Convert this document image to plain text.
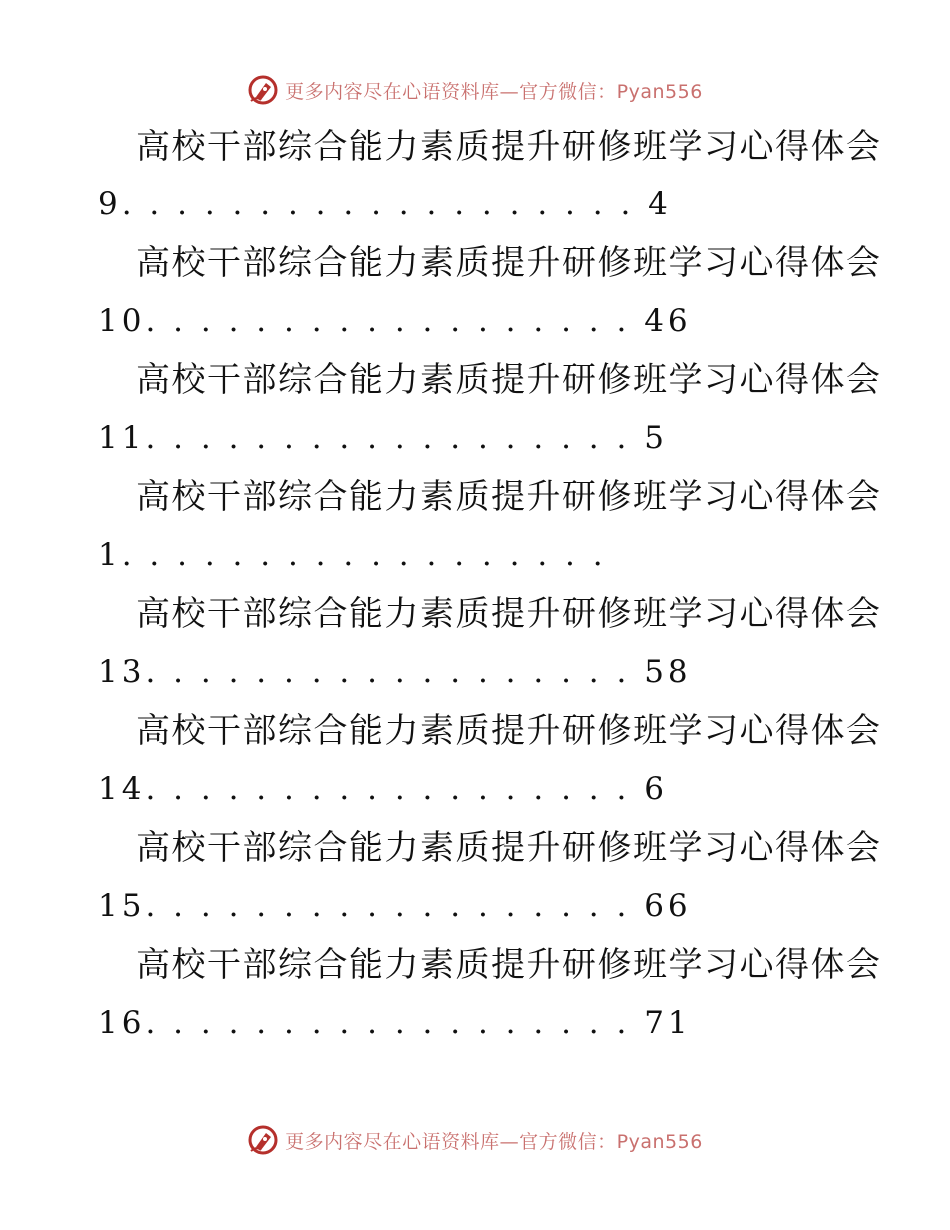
更多内容尽在心语资料库—官方微信：Pyan556
高校干部综合能力素质提升研修班学习心得体会
9. . . . . . . . . . . . . . . . . . . 4
高校干部综合能力素质提升研修班学习心得体会
10. . . . . . . . . . . . . . . . . . 46
高校干部综合能力素质提升研修班学习心得体会
11. . . . . . . . . . . . . . . . . . 5
高校干部综合能力素质提升研修班学习心得体会
1. . . . . . . . . . . . . . . . . .
高校干部综合能力素质提升研修班学习心得体会
13. . . . . . . . . . . . . . . . . . 58
高校干部综合能力素质提升研修班学习心得体会
14. . . . . . . . . . . . . . . . . . 6
高校干部综合能力素质提升研修班学习心得体会
15. . . . . . . . . . . . . . . . . . 66
高校干部综合能力素质提升研修班学习心得体会
16. . . . . . . . . . . . . . . . . . 71
更多内容尽在心语资料库—官方微信：Pyan556
